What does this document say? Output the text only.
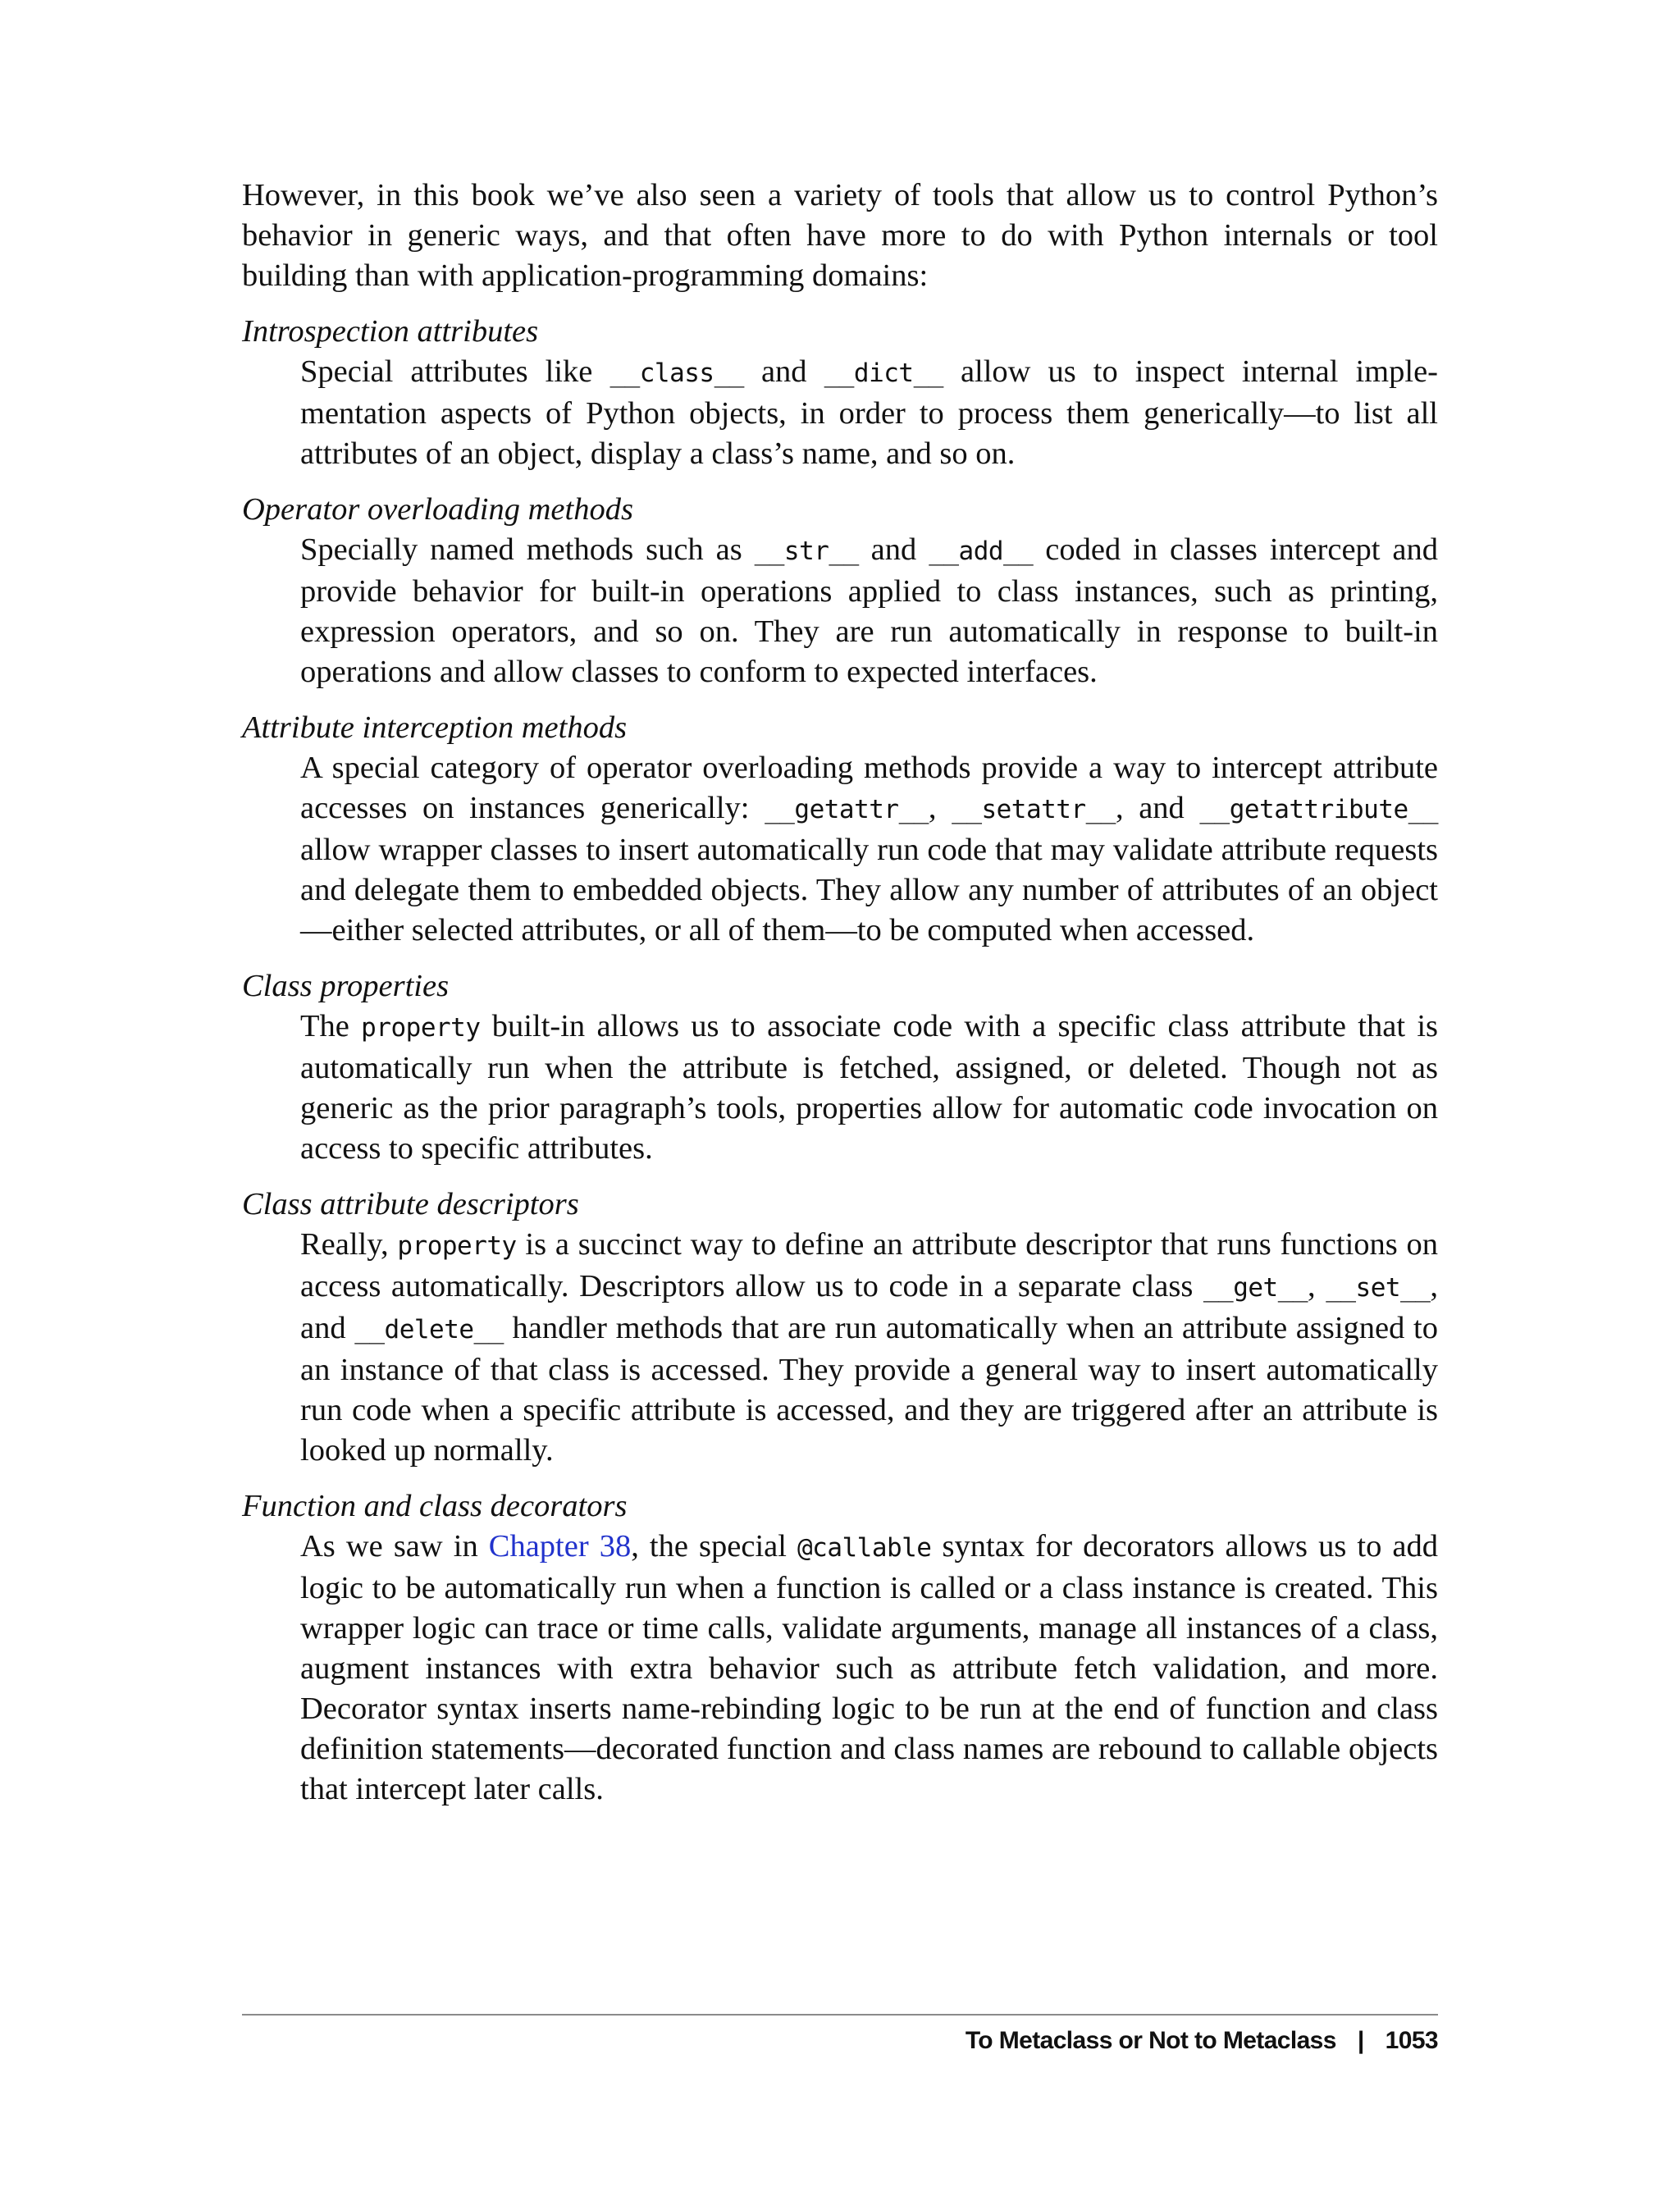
However, in this book we’ve also seen a variety of tools that allow us to control Python’s behavior in generic ways, and that often have more to do with Python internals or tool building than with application-programming domains:

Introspection attributes
Special attributes like __class__ and __dict__ allow us to inspect internal implementation aspects of Python objects, in order to process them generically—to list all attributes of an object, display a class’s name, and so on.
Operator overloading methods
Specially named methods such as __str__ and __add__ coded in classes intercept and provide behavior for built-in operations applied to class instances, such as printing, expression operators, and so on. They are run automatically in response to built-in operations and allow classes to conform to expected interfaces.
Attribute interception methods
A special category of operator overloading methods provide a way to intercept attribute accesses on instances generically: __getattr__, __setattr__, and __getattribute__ allow wrapper classes to insert automatically run code that may validate attribute requests and delegate them to embedded objects. They allow any number of attributes of an object—either selected attributes, or all of them—to be computed when accessed.
Class properties
The property built-in allows us to associate code with a specific class attribute that is automatically run when the attribute is fetched, assigned, or deleted. Though not as generic as the prior paragraph’s tools, properties allow for automatic code invocation on access to specific attributes.
Class attribute descriptors
Really, property is a succinct way to define an attribute descriptor that runs functions on access automatically. Descriptors allow us to code in a separate class __get__, __set__, and __delete__ handler methods that are run automatically when an attribute assigned to an instance of that class is accessed. They provide a general way to insert automatically run code when a specific attribute is accessed, and they are triggered after an attribute is looked up normally.
Function and class decorators
As we saw in Chapter 38, the special @callable syntax for decorators allows us to add logic to be automatically run when a function is called or a class instance is created. This wrapper logic can trace or time calls, validate arguments, manage all instances of a class, augment instances with extra behavior such as attribute fetch validation, and more. Decorator syntax inserts name-rebinding logic to be run at the end of function and class definition statements—decorated function and class names are rebound to callable objects that intercept later calls.
To Metaclass or Not to Metaclass | 1053
